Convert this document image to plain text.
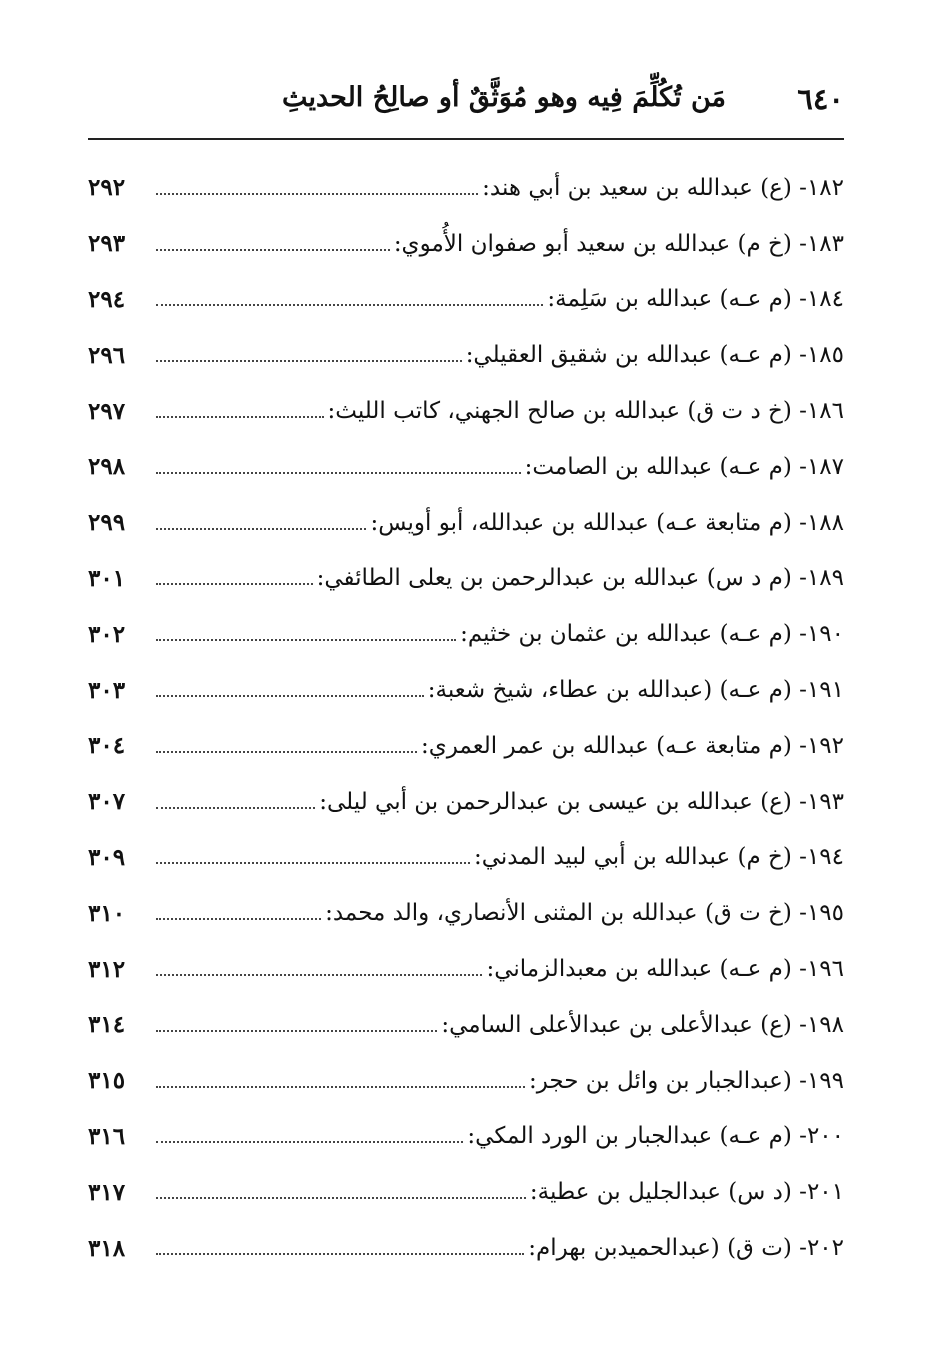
٦٤٠
مَن تُكُلِّمَ فِيه وهو مُوَثَّقٌ أو صالِحُ الحديثِ
١٨٢- (ع) عبدالله بن سعيد بن أبي هند:
٢٩٢
١٨٣- (خ م) عبدالله بن سعيد أبو صفوان الأُموي:
٢٩٣
١٨٤- (م عـه) عبدالله بن سَلِمة:
٢٩٤
١٨٥- (م عـه) عبدالله بن شقيق العقيلي:
٢٩٦
١٨٦- (خ د ت ق) عبدالله بن صالح الجهني، كاتب الليث:
٢٩٧
١٨٧- (م عـه) عبدالله بن الصامت:
٢٩٨
١٨٨- (م متابعة عـه) عبدالله بن عبدالله، أبو أويس:
٢٩٩
١٨٩- (م د س) عبدالله بن عبدالرحمن بن يعلى الطائفي:
٣٠١
١٩٠- (م عـه) عبدالله بن عثمان بن خثيم:
٣٠٢
١٩١- (م عـه) (عبدالله بن عطاء، شيخ شعبة:
٣٠٣
١٩٢- (م متابعة عـه) عبدالله بن عمر العمري:
٣٠٤
١٩٣- (ع) عبدالله بن عيسى بن عبدالرحمن بن أبي ليلى:
٣٠٧
١٩٤- (خ م) عبدالله بن أبي لبيد المدني:
٣٠٩
١٩٥- (خ ت ق) عبدالله بن المثنى الأنصاري، والد محمد:
٣١٠
١٩٦- (م عـه) عبدالله بن معبدالزماني:
٣١٢
١٩٨- (ع) عبدالأعلى بن عبدالأعلى السامي:
٣١٤
١٩٩- (عبدالجبار بن وائل بن حجر:
٣١٥
٢٠٠- (م عـه) عبدالجبار بن الورد المكي:
٣١٦
٢٠١- (د س) عبدالجليل بن عطية:
٣١٧
٢٠٢- (ت ق) (عبدالحميدبن بهرام:
٣١٨
